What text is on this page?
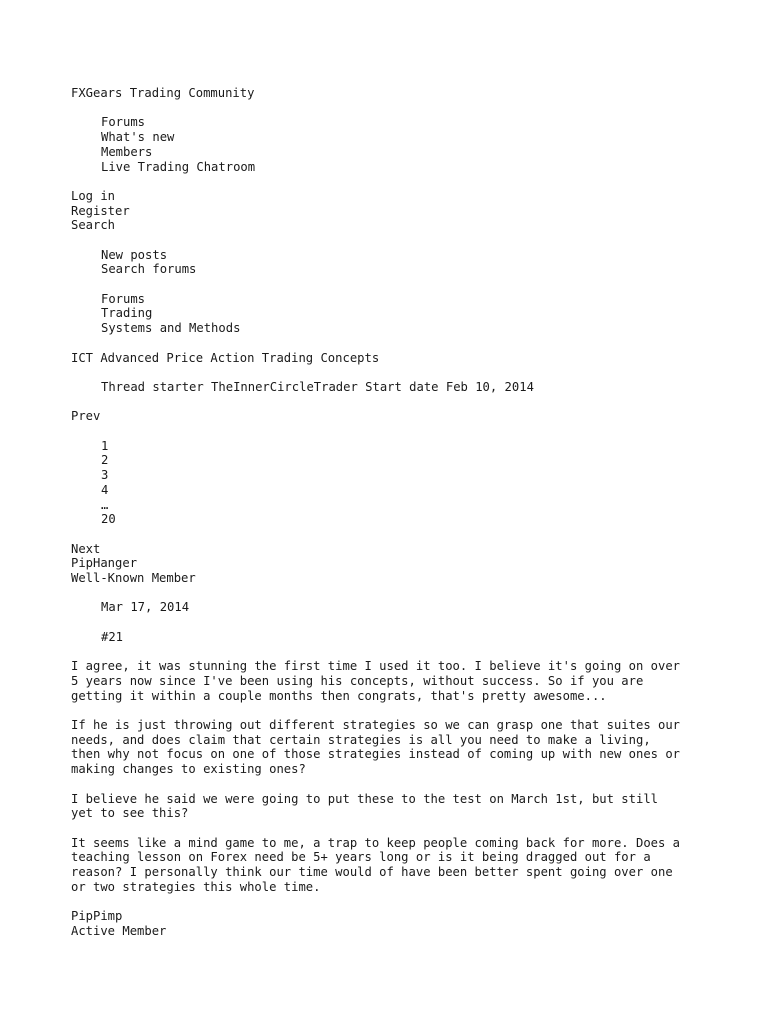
FXGears Trading Community
Forums
What's new
Members
Live Trading Chatroom
Log in
Register
Search
New posts
Search forums
Forums
Trading
Systems and Methods
ICT Advanced Price Action Trading Concepts
Thread starter TheInnerCircleTrader Start date Feb 10, 2014
Prev
1
2
3
4
…
20
Next
PipHanger
Well-Known Member
Mar 17, 2014
#21
I agree, it was stunning the first time I used it too. I believe it's going on over
5 years now since I've been using his concepts, without success. So if you are
getting it within a couple months then congrats, that's pretty awesome...
If he is just throwing out different strategies so we can grasp one that suites our
needs, and does claim that certain strategies is all you need to make a living,
then why not focus on one of those strategies instead of coming up with new ones or
making changes to existing ones?
I believe he said we were going to put these to the test on March 1st, but still
yet to see this?
It seems like a mind game to me, a trap to keep people coming back for more. Does a
teaching lesson on Forex need be 5+ years long or is it being dragged out for a
reason? I personally think our time would of have been better spent going over one
or two strategies this whole time.
PipPimp
Active Member
